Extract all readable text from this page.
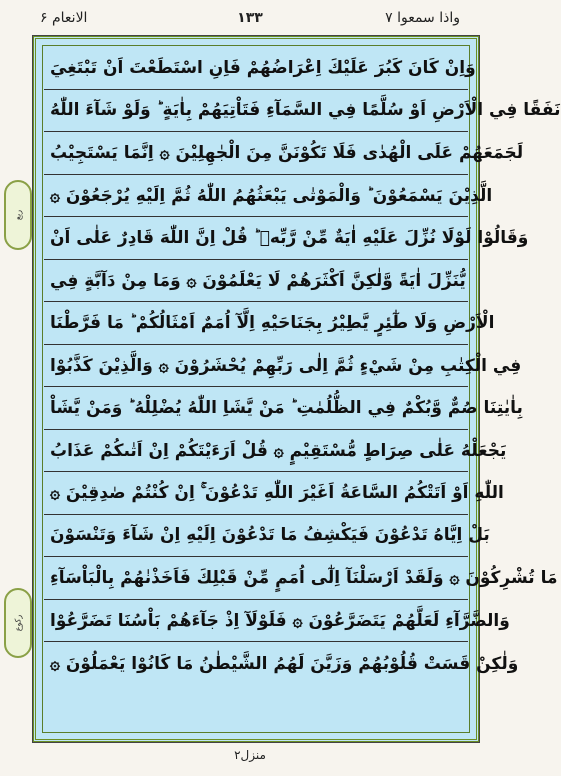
الانعام ۶	۱۳۳	واذا سمعوا ۷
وَاِنْ كَانَ كَبُرَ عَلَيْكَ اِعْرَاضُهُمْ فَاِنِ اسْتَطَعْتَ اَنْ تَبْتَغِيَ
نَفَقًا فِي الْاَرْضِ اَوْ سُلَّمًا فِي السَّمَآءِ فَتَاْتِيَهُمْ بِاٰيَةٍ ؕ وَلَوْ شَآءَ اللّٰهُ
لَجَمَعَهُمْ عَلَى الْهُدٰى فَلَا تَكُوْنَنَّ مِنَ الْجٰهِلِيْنَ ۞ اِنَّمَا يَسْتَجِيْبُ
الَّذِيْنَ يَسْمَعُوْنَ ؕ وَالْمَوْتٰى يَبْعَثُهُمُ اللّٰهُ ثُمَّ اِلَيْهِ يُرْجَعُوْنَ ۞
وَقَالُوْا لَوْلَا نُزِّلَ عَلَيْهِ اٰيَةٌ مِّنْ رَّبِّهٖ ؕ قُلْ اِنَّ اللّٰهَ قَادِرٌ عَلٰى اَنْ
يُّنَزِّلَ اٰيَةً وَّلٰكِنَّ اَكْثَرَهُمْ لَا يَعْلَمُوْنَ ۞ وَمَا مِنْ دَآبَّةٍ فِي
الْاَرْضِ وَلَا طٰٓئِرٍ يَّطِيْرُ بِجَنَاحَيْهِ اِلَّآ اُمَمٌ اَمْثَالُكُمْ ؕ مَا فَرَّطْنَا
فِي الْكِتٰبِ مِنْ شَيْءٍ ثُمَّ اِلٰى رَبِّهِمْ يُحْشَرُوْنَ ۞ وَالَّذِيْنَ كَذَّبُوْا
بِاٰيٰتِنَا صُمٌّ وَّبُكْمٌ فِي الظُّلُمٰتِ ؕ مَنْ يَّشَاِ اللّٰهُ يُضْلِلْهُ ؕ وَمَنْ يَّشَاْ
يَجْعَلْهُ عَلٰى صِرَاطٍ مُّسْتَقِيْمٍ ۞ قُلْ اَرَءَيْتَكُمْ اِنْ اَتٰىكُمْ عَذَابُ
اللّٰهِ اَوْ اَتَتْكُمُ السَّاعَةُ اَغَيْرَ اللّٰهِ تَدْعُوْنَ ۚ اِنْ كُنْتُمْ صٰدِقِيْنَ ۞
بَلْ اِيَّاهُ تَدْعُوْنَ فَيَكْشِفُ مَا تَدْعُوْنَ اِلَيْهِ اِنْ شَآءَ وَتَنْسَوْنَ
مَا تُشْرِكُوْنَ ۞ وَلَقَدْ اَرْسَلْنَآ اِلٰٓى اُمَمٍ مِّنْ قَبْلِكَ فَاَخَذْنٰهُمْ بِالْبَاْسَآءِ
وَالضَّرَّآءِ لَعَلَّهُمْ يَتَضَرَّعُوْنَ ۞ فَلَوْلَآ اِذْ جَآءَهُمْ بَاْسُنَا تَضَرَّعُوْا
وَلٰكِنْ قَسَتْ قُلُوْبُهُمْ وَزَيَّنَ لَهُمُ الشَّيْطٰنُ مَا كَانُوْا يَعْمَلُوْنَ ۞
ربع
ركوع
منزل۲
